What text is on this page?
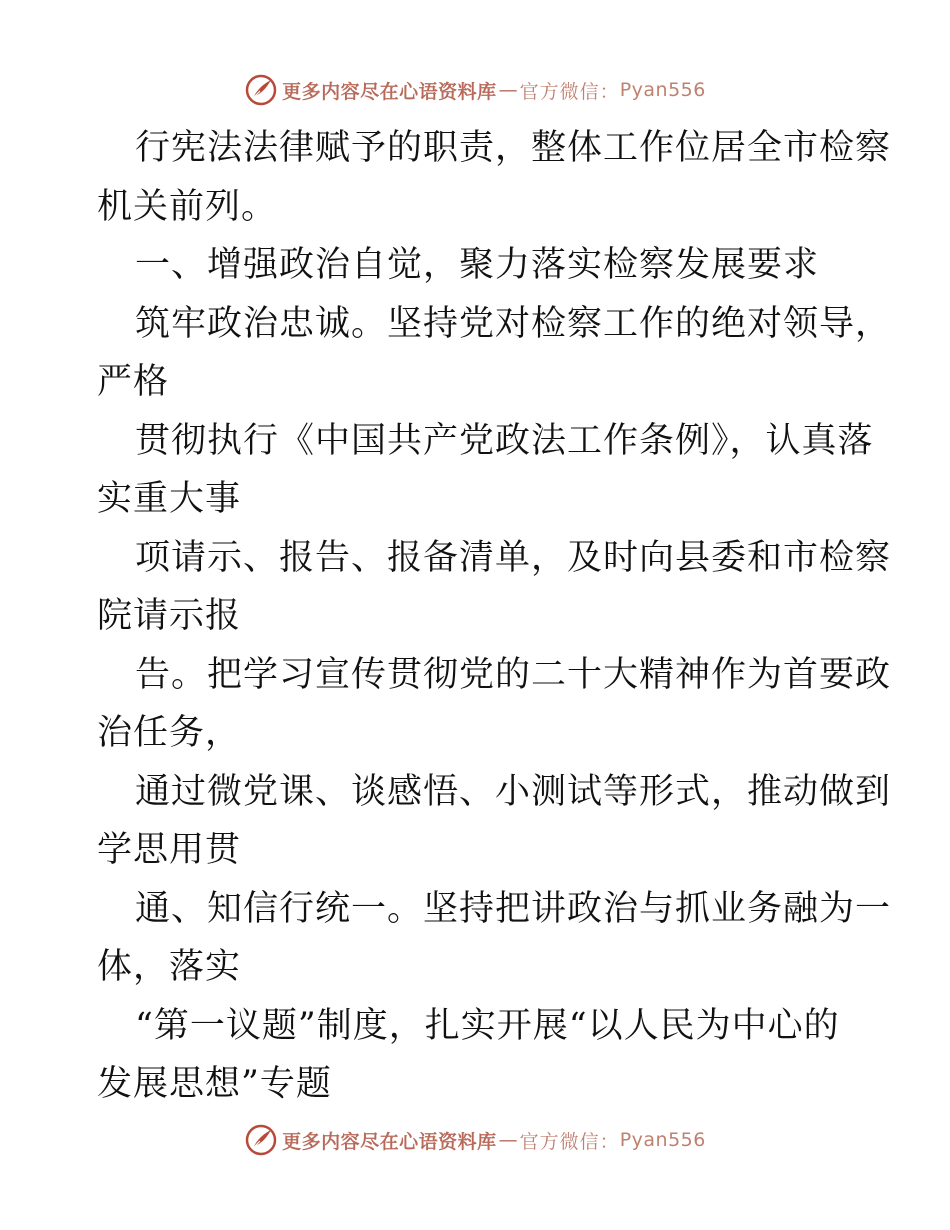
更多内容尽在心语资料库 — 官方微信： Pyan556
行宪法法律赋予的职责，整体工作位居全市检察
机关前列。
一、增强政治自觉，聚力落实检察发展要求
筑牢政治忠诚。坚持党对检察工作的绝对领导，
严格
贯彻执行《中国共产党政法工作条例》，认真落
实重大事
项请示、报告、报备清单，及时向县委和市检察
院请示报
告。把学习宣传贯彻党的二十大精神作为首要政
治任务，
通过微党课、谈感悟、小测试等形式，推动做到
学思用贯
通、知信行统一。坚持把讲政治与抓业务融为一
体，落实
“第一议题”制度，扎实开展“以人民为中心的
发展思想”专题
更多内容尽在心语资料库 — 官方微信： Pyan556
